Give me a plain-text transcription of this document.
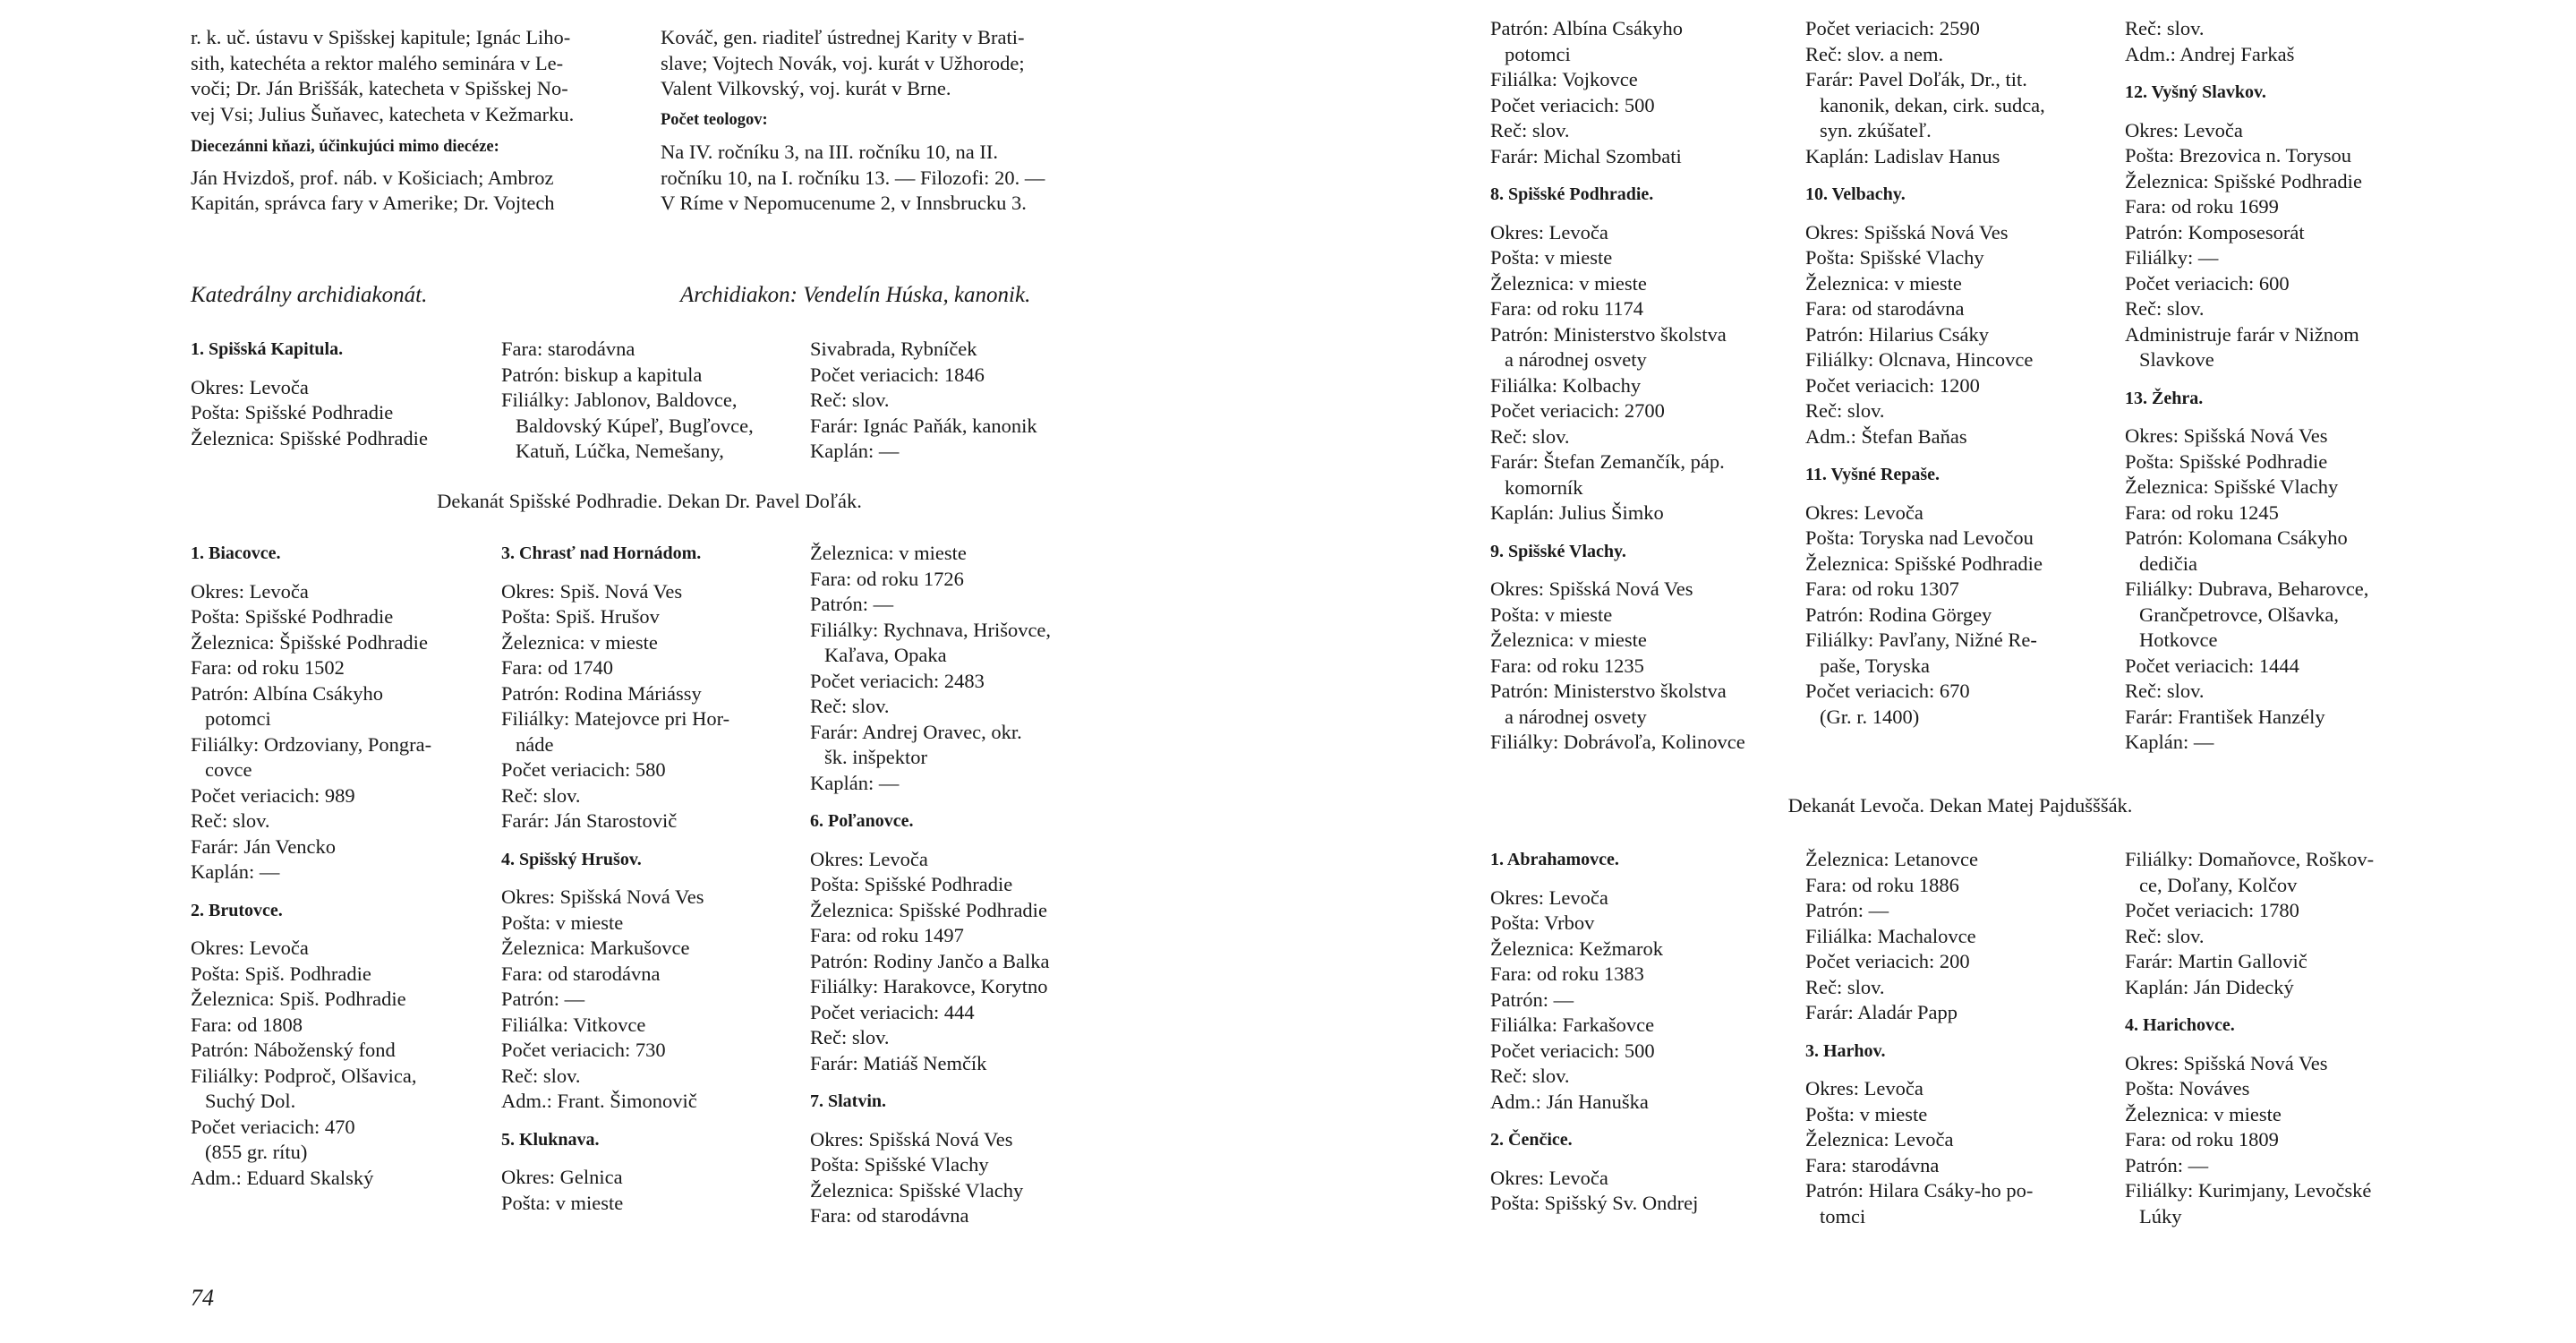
r. k. uč. ústavu v Spišskej kapitule; Ignác Liho-
sith, katechéta a rektor malého seminára v Le-
voči; Dr. Ján Briššák, katecheta v Spišskej No-
vej Vsi; Julius Šuňavec, katecheta v Kežmarku.
Diecezánni kňazi, účinkujúci mimo diecéze:
Ján Hvizdoš, prof. náb. v Košiciach; Ambroz
Kapitán, správca fary v Amerike; Dr. Vojtech
Kováč, gen. riaditeľ ústrednej Karity v Brati-
slave; Vojtech Novák, voj. kurát v Užhorode;
Valent Vilkovský, voj. kurát v Brne.
Počet teologov:
Na IV. ročníku 3, na III. ročníku 10, na II.
ročníku 10, na I. ročníku 13. — Filozofi: 20. —
V Ríme v Nepomucenume 2, v Innsbrucku 3.
Katedrálny archidiakonát.	Archidiakon: Vendelín Húska, kanonik.
1. Spišská Kapitula.
Okres: Levoča
Pošta: Spišské Podhradie
Železnica: Spišské Podhradie
Fara: starodávna
Patrón: biskup a kapitula
Filiálky: Jablonov, Baldovce,
Baldovský Kúpeľ, Bugľovce,
Katuň, Lúčka, Nemešany,
Sivabrada, Rybníček
Počet veriacich: 1846
Reč: slov.
Farár: Ignác Paňák, kanonik
Kaplán: —
Dekanát Spišské Podhradie. Dekan Dr. Pavel Doľák.
1. Biacovce.
Okres: Levoča
Pošta: Spišské Podhradie
Železnica: Špišské Podhradie
Fara: od roku 1502
Patrón: Albína Csákyho
potomci
Filiálky: Ordzoviany, Pongra-
covce
Počet veriacich: 989
Reč: slov.
Farár: Ján Vencko
Kaplán: —
2. Brutovce.
Okres: Levoča
Pošta: Spiš. Podhradie
Železnica: Spiš. Podhradie
Fara: od 1808
Patrón: Náboženský fond
Filiálky: Podproč, Olšavica,
Suchý Dol.
Počet veriacich: 470
(855 gr. rítu)
Adm.: Eduard Skalský
3. Chrasť nad Hornádom.
Okres: Spiš. Nová Ves
Pošta: Spiš. Hrušov
Železnica: v mieste
Fara: od 1740
Patrón: Rodina Máriássy
Filiálky: Matejovce pri Hor-
náde
Počet veriacich: 580
Reč: slov.
Farár: Ján Starostovič
4. Spišský Hrušov.
Okres: Spišská Nová Ves
Pošta: v mieste
Železnica: Markušovce
Fara: od starodávna
Patrón: —
Filiálka: Vitkovce
Počet veriacich: 730
Reč: slov.
Adm.: Frant. Šimonovič
5. Kluknava.
Okres: Gelnica
Pošta: v mieste
Železnica: v mieste
Fara: od roku 1726
Patrón: —
Filiálky: Rychnava, Hrišovce,
Kaľava, Opaka
Počet veriacich: 2483
Reč: slov.
Farár: Andrej Oravec, okr.
šk. inšpektor
Kaplán: —
6. Poľanovce.
Okres: Levoča
Pošta: Spišské Podhradie
Železnica: Spišské Podhradie
Fara: od roku 1497
Patrón: Rodiny Jančo a Balka
Filiálky: Harakovce, Korytno
Počet veriacich: 444
Reč: slov.
Farár: Matiáš Nemčík
7. Slatvin.
Okres: Spišská Nová Ves
Pošta: Spišské Vlachy
Železnica: Spišské Vlachy
Fara: od starodávna
74
Patrón: Albína Csákyho
potomci
Filiálka: Vojkovce
Počet veriacich: 500
Reč: slov.
Farár: Michal Szombati
8. Spišské Podhradie.
Okres: Levoča
Pošta: v mieste
Železnica: v mieste
Fara: od roku 1174
Patrón: Ministerstvo školstva
a národnej osvety
Filiálka: Kolbachy
Počet veriacich: 2700
Reč: slov.
Farár: Štefan Zemančík, páp.
komorník
Kaplán: Julius Šimko
9. Spišské Vlachy.
Okres: Spišská Nová Ves
Pošta: v mieste
Železnica: v mieste
Fara: od roku 1235
Patrón: Ministerstvo školstva
a národnej osvety
Filiálky: Dobrávoľa, Kolinovce
Počet veriacich: 2590
Reč: slov. a nem.
Farár: Pavel Doľák, Dr., tit.
kanonik, dekan, cirk. sudca,
syn. zkúšateľ.
Kaplán: Ladislav Hanus
10. Velbachy.
Okres: Spišská Nová Ves
Pošta: Spišské Vlachy
Železnica: v mieste
Fara: od starodávna
Patrón: Hilarius Csáky
Filiálky: Olcnava, Hincovce
Počet veriacich: 1200
Reč: slov.
Adm.: Štefan Baňas
11. Vyšné Repaše.
Okres: Levoča
Pošta: Toryska nad Levočou
Železnica: Spišské Podhradie
Fara: od roku 1307
Patrón: Rodina Görgey
Filiálky: Pavľany, Nižné Re-
paše, Toryska
Počet veriacich: 670
(Gr. r. 1400)
Reč: slov.
Adm.: Andrej Farkaš
12. Vyšný Slavkov.
Okres: Levoča
Pošta: Brezovica n. Torysou
Železnica: Spišské Podhradie
Fara: od roku 1699
Patrón: Komposesorát
Filiálky: —
Počet veriacich: 600
Reč: slov.
Administruje farár v Nižnom
Slavkove
13. Žehra.
Okres: Spišská Nová Ves
Pošta: Spišské Podhradie
Železnica: Spišské Vlachy
Fara: od roku 1245
Patrón: Kolomana Csákyho
dedičia
Filiálky: Dubrava, Beharovce,
Grančpetrovce, Olšavka,
Hotkovce
Počet veriacich: 1444
Reč: slov.
Farár: František Hanzély
Kaplán: —
Dekanát Levoča. Dekan Matej Pajdušššák.
1. Abrahamovce.
Okres: Levoča
Pošta: Vrbov
Železnica: Kežmarok
Fara: od roku 1383
Patrón: —
Filiálka: Farkašovce
Počet veriacich: 500
Reč: slov.
Adm.: Ján Hanuška
2. Čenčice.
Okres: Levoča
Pošta: Spišský Sv. Ondrej
Železnica: Letanovce
Fara: od roku 1886
Patrón: —
Filiálka: Machalovce
Počet veriacich: 200
Reč: slov.
Farár: Aladár Papp
3. Harhov.
Okres: Levoča
Pošta: v mieste
Železnica: Levoča
Fara: starodávna
Patrón: Hilara Csáky-ho po-
tomci
Filiálky: Domaňovce, Roškov-
ce, Doľany, Kolčov
Počet veriacich: 1780
Reč: slov.
Farár: Martin Gallovič
Kaplán: Ján Didecký
4. Harichovce.
Okres: Spišská Nová Ves
Pošta: Nováves
Železnica: v mieste
Fara: od roku 1809
Patrón: —
Filiálky: Kurimjany, Levočské
Lúky
